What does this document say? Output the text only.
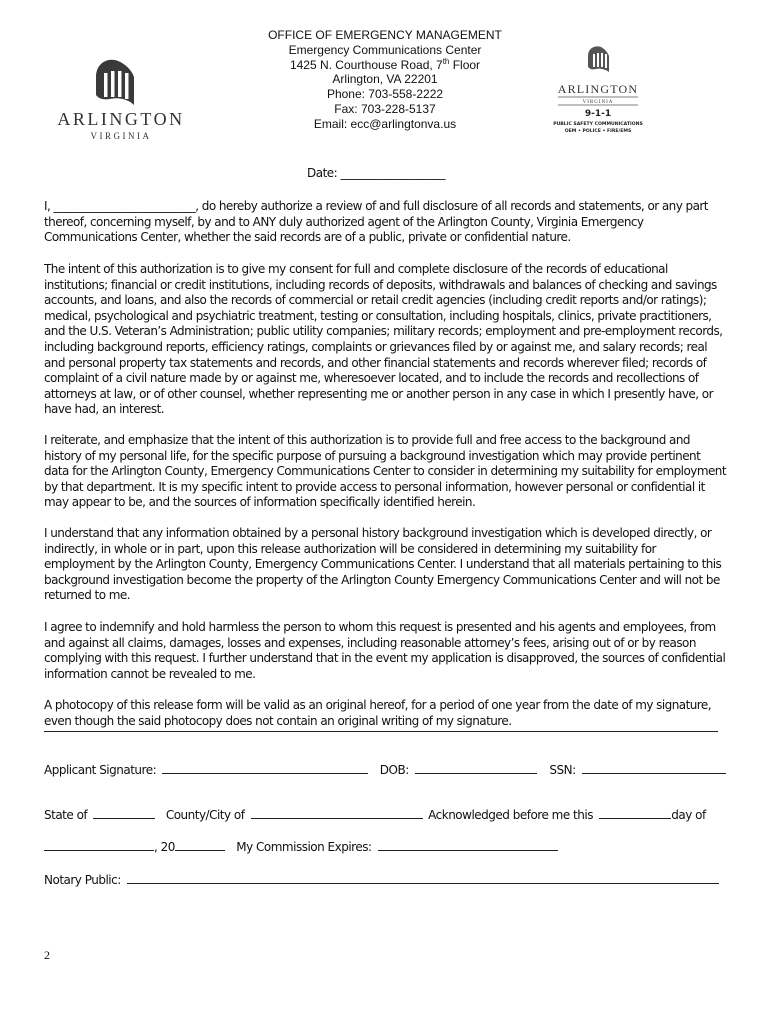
OFFICE OF EMERGENCY MANAGEMENT
Emergency Communications Center
1425 N. Courthouse Road, 7th Floor
Arlington, VA 22201
Phone: 703-558-2222
Fax: 703-228-5137
Email: ecc@arlingtonva.us
ARLINGTON
VIRGINIA
ARLINGTON
VIRGINIA
9-1-1
PUBLIC SAFETY COMMUNICATIONS
OEM • POLICE • FIRE/EMS
Date: ___________________

I, __________________________, do hereby authorize a review of and full disclosure of all records and statements, or any part thereof, concerning myself, by and to ANY duly authorized agent of the Arlington County, Virginia Emergency Communications Center, whether the said records are of a public, private or confidential nature.

The intent of this authorization is to give my consent for full and complete disclosure of the records of educational institutions; financial or credit institutions, including records of deposits, withdrawals and balances of checking and savings accounts, and loans, and also the records of commercial or retail credit agencies (including credit reports and/or ratings); medical, psychological and psychiatric treatment, testing or consultation, including hospitals, clinics, private practitioners, and the U.S. Veteran’s Administration; public utility companies; military records; employment and pre-employment records, including background reports, efficiency ratings, complaints or grievances filed by or against me, and salary records; real and personal property tax statements and records, and other financial statements and records wherever filed; records of complaint of a civil nature made by or against me, wheresoever located, and to include the records and recollections of attorneys at law, or of other counsel, whether representing me or another person in any case in which I presently have, or have had, an interest.

I reiterate, and emphasize that the intent of this authorization is to provide full and free access to the background and history of my personal life, for the specific purpose of pursuing a background investigation which may provide pertinent data for the Arlington County, Emergency Communications Center to consider in determining my suitability for employment by that department. It is my specific intent to provide access to personal information, however personal or confidential it may appear to be, and the sources of information specifically identified herein.

I understand that any information obtained by a personal history background investigation which is developed directly, or indirectly, in whole or in part, upon this release authorization will be considered in determining my suitability for employment by the Arlington County, Emergency Communications Center. I understand that all materials pertaining to this background investigation become the property of the Arlington County Emergency Communications Center and will not be returned to me.

I agree to indemnify and hold harmless the person to whom this request is presented and his agents and employees, from and against all claims, damages, losses and expenses, including reasonable attorney’s fees, arising out of or by reason complying with this request. I further understand that in the event my application is disapproved, the sources of confidential information cannot be revealed to me.

A photocopy of this release form will be valid as an original hereof, for a period of one year from the date of my signature, even though the said photocopy does not contain an original writing of my signature.

Applicant Signature:	DOB:	SSN:
State of	County/City of	Acknowledged before me this	day of
, 20	My Commission Expires:
Notary Public:
2
